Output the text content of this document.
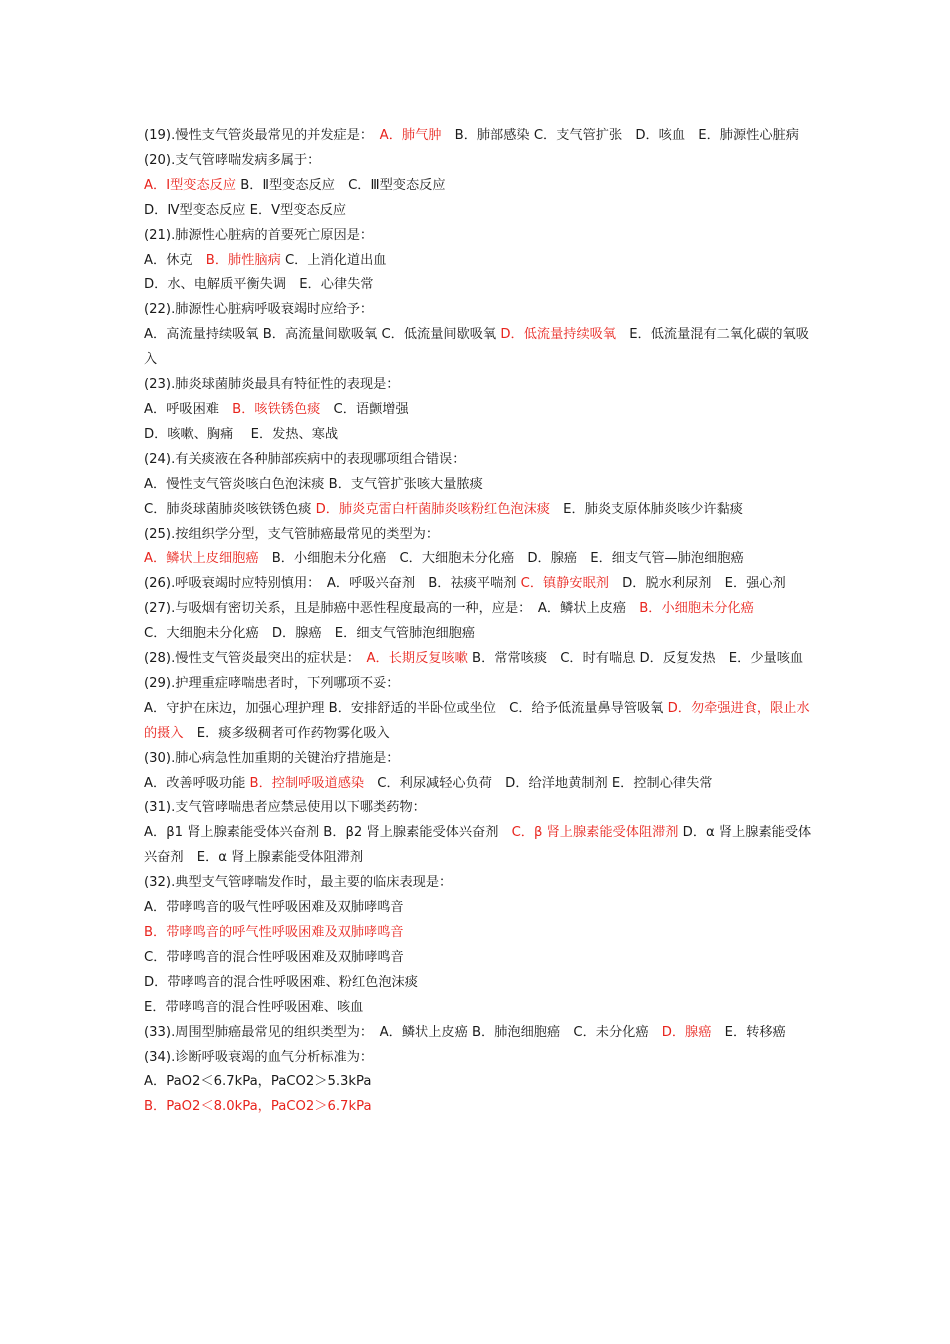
(19).慢性支气管炎最常见的并发症是：　A．肺气肿　B．肺部感染 C．支气管扩张　D．咳血　E．肺源性心脏病
(20).支气管哮喘发病多属于：
A．Ⅰ型变态反应 B．Ⅱ型变态反应　C．Ⅲ型变态反应
D．Ⅳ型变态反应 E．Ⅴ型变态反应
(21).肺源性心脏病的首要死亡原因是：
A．休克　B．肺性脑病 C．上消化道出血
D．水、电解质平衡失调　E．心律失常
(22).肺源性心脏病呼吸衰竭时应给予：
A．高流量持续吸氧 B．高流量间歇吸氧 C．低流量间歇吸氧 D．低流量持续吸氧　E．低流量混有二氧化碳的氧吸入
(23).肺炎球菌肺炎最具有特征性的表现是：
A．呼吸困难　B．咳铁锈色痰　C．语颤增强
D．咳嗽、胸痛　 E．发热、寒战
(24).有关痰液在各种肺部疾病中的表现哪项组合错误：
A．慢性支气管炎咳白色泡沫痰 B．支气管扩张咳大量脓痰
C．肺炎球菌肺炎咳铁锈色痰 D．肺炎克雷白杆菌肺炎咳粉红色泡沫痰　E．肺炎支原体肺炎咳少许黏痰
(25).按组织学分型，支气管肺癌最常见的类型为：
A．鳞状上皮细胞癌　B．小细胞未分化癌　C．大细胞未分化癌　D．腺癌　E．细支气管—肺泡细胞癌
(26).呼吸衰竭时应特别慎用：　A．呼吸兴奋剂　B．祛痰平喘剂 C．镇静安眠剂　D．脱水利尿剂　E．强心剂
(27).与吸烟有密切关系，且是肺癌中恶性程度最高的一种，应是：　A．鳞状上皮癌　B．小细胞未分化癌
C．大细胞未分化癌　D．腺癌　E．细支气管肺泡细胞癌
(28).慢性支气管炎最突出的症状是：　A．长期反复咳嗽 B．常常咳痰　C．时有喘息 D．反复发热　E．少量咳血
(29).护理重症哮喘患者时，下列哪项不妥：
A．守护在床边，加强心理护理 B．安排舒适的半卧位或坐位　C．给予低流量鼻导管吸氧 D．勿牵强进食，限止水的摄入　E．痰多级稠者可作药物雾化吸入
(30).肺心病急性加重期的关键治疗措施是：
A．改善呼吸功能 B．控制呼吸道感染　C．利尿减轻心负荷　D．给洋地黄制剂 E．控制心律失常
(31).支气管哮喘患者应禁忌使用以下哪类药物：
A．β1 肾上腺素能受体兴奋剂 B．β2 肾上腺素能受体兴奋剂　C．β 肾上腺素能受体阻滞剂 D．α 肾上腺素能受体兴奋剂　E．α 肾上腺素能受体阻滞剂
(32).典型支气管哮喘发作时，最主要的临床表现是：
A．带哮鸣音的吸气性呼吸困难及双肺哮鸣音
B．带哮鸣音的呼气性呼吸困难及双肺哮鸣音
C．带哮鸣音的混合性呼吸困难及双肺哮鸣音
D．带哮鸣音的混合性呼吸困难、粉红色泡沫痰
E．带哮鸣音的混合性呼吸困难、咳血
(33).周围型肺癌最常见的组织类型为：　A．鳞状上皮癌 B．肺泡细胞癌　C．未分化癌　D．腺癌　E．转移癌
(34).诊断呼吸衰竭的血气分析标准为：
A．PaO2＜6.7kPa，PaCO2＞5.3kPa
B．PaO2＜8.0kPa，PaCO2＞6.7kPa
